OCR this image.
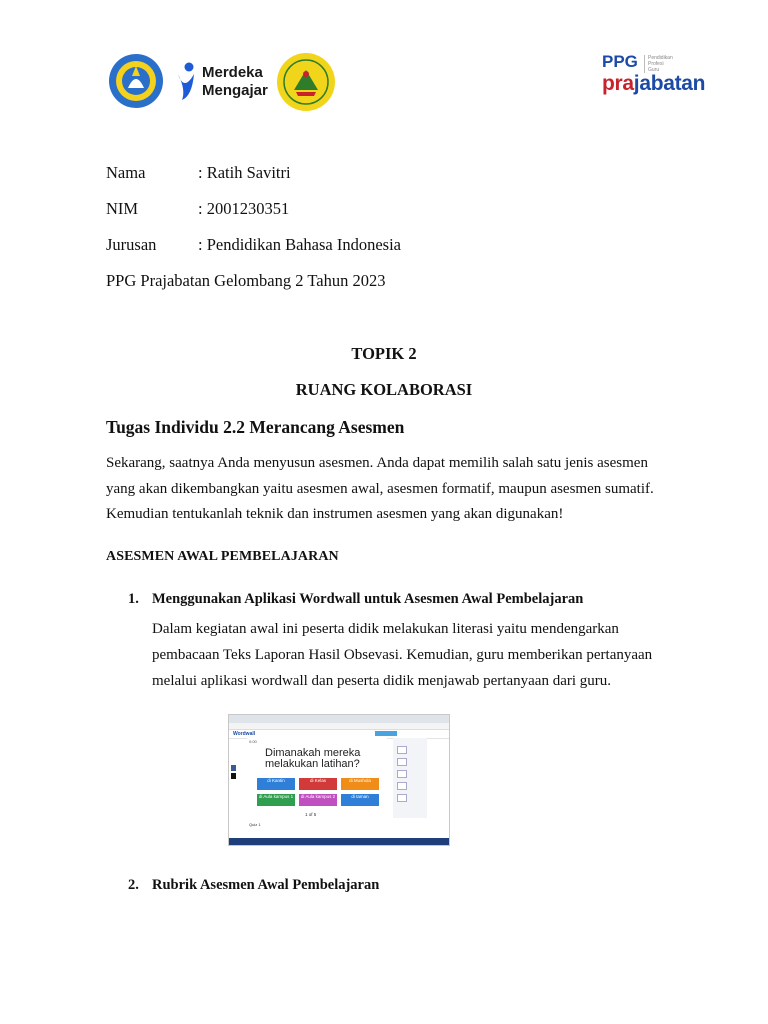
Merdeka
Mengajar
PPG	Pendidikan Profesi Guru
prajabatan
Nama	: Ratih Savitri
NIM	: 2001230351
Jurusan	: Pendidikan Bahasa Indonesia
PPG Prajabatan Gelombang 2 Tahun 2023
TOPIK 2
RUANG KOLABORASI
Tugas Individu 2.2 Merancang Asesmen
Sekarang, saatnya Anda menyusun asesmen. Anda dapat memilih salah satu jenis asesmen
yang akan dikembangkan yaitu asesmen awal, asesmen formatif, maupun asesmen sumatif.
Kemudian tentukanlah teknik dan instrumen asesmen yang akan digunakan!
ASESMEN AWAL PEMBELAJARAN
1. Menggunakan Aplikasi Wordwall untuk Asesmen Awal Pembelajaran
Dalam kegiatan awal ini peserta didik melakukan literasi yaitu mendengarkan
pembacaan Teks Laporan Hasil Obsevasi. Kemudian, guru memberikan pertanyaan
melalui aplikasi wordwall dan peserta didik menjawab pertanyaan dari guru.
Wordwall
0:00
Dimanakah mereka
melakukan latihan?
di Kantin	di Kelas	di Mushola
di Aula kampus 1	di Aula kampus 2	di taman
1 of 5
Quiz 1
2. Rubrik Asesmen Awal Pembelajaran
